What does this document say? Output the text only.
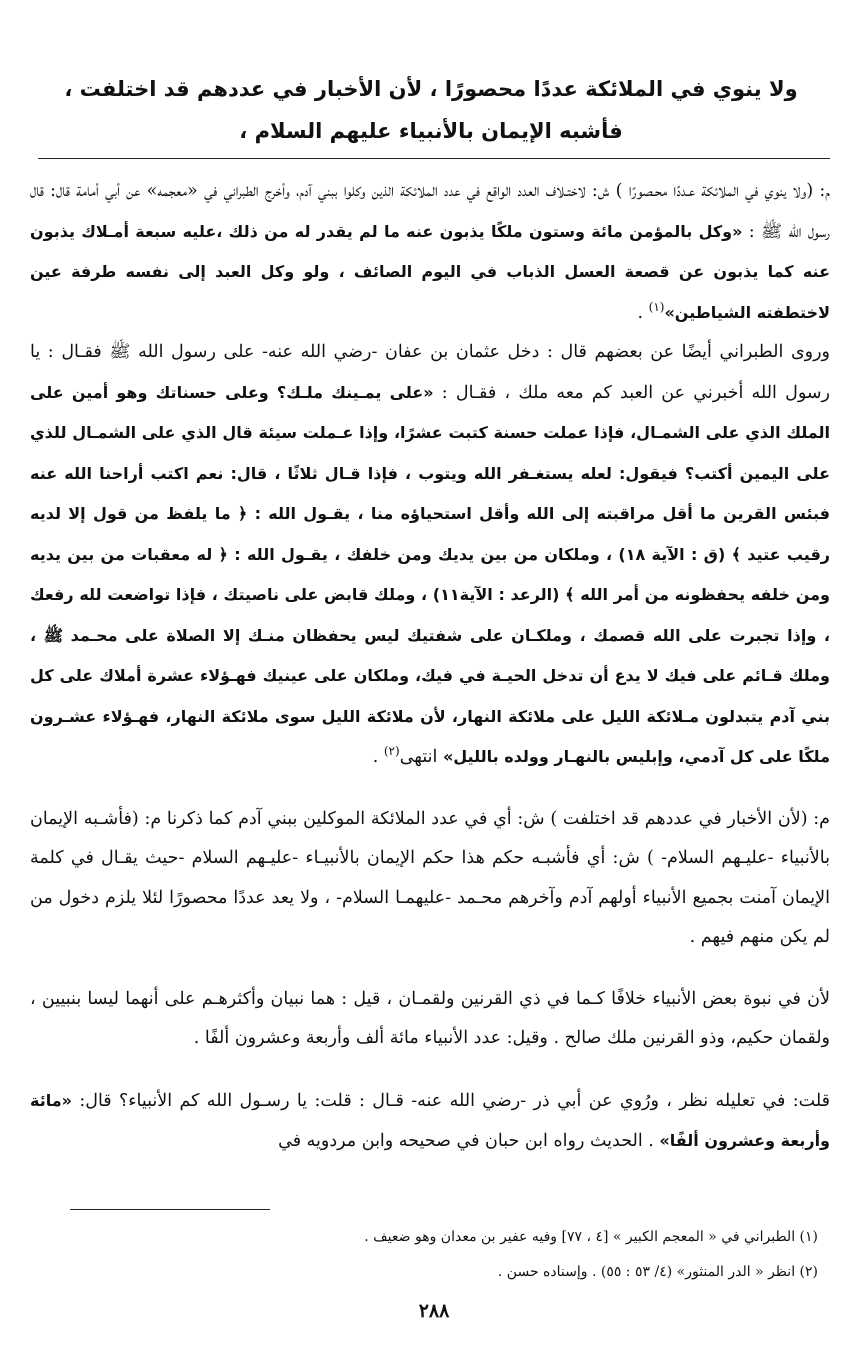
ولا ينوي في الملائكة عددًا محصورًا ، لأن الأخبار في عددهم قد اختلفت ، فأشبه الإيمان بالأنبياء عليهم السلام ،

م: (ولا ينوي في الملائكة عـددًا محـصورًا ) ش: لاختـلاف العدد الواقع في عدد الملائكة الذين وكلوا ببني آدم، وأخرج الطبراني في «معجمه» عن أبي أمامة قال: قال رسول الله ﷺ : «وكل بالمؤمن مائة وستون ملكًا يذبون عنه ما لم يقدر له من ذلك ،عليه سبعة أمـلاك يذبون عنه كما يذبون عن قصعة العسل الذباب في اليوم الصائف ، ولو وكل العبد إلى نفسه طرفة عين لاختطفته الشياطين»$^{(١)}$ .

وروى الطبراني أيضًا عن بعضهم قال : دخل عثمان بن عفان -رضي الله عنه- على رسول الله ﷺ فقـال : يا رسول الله أخبرني عن العبد كم معه ملك ، فقـال : «على يمـينك ملـك؟ وعلى حسناتك وهو أمين على الملك الذي على الشمـال، فإذا عملت حسنة كتبت عشرًا، وإذا عـملت سيئة قال الذي على الشمـال للذي على اليمين أكتب؟ فيقول: لعله يستغـفر الله ويتوب ، فإذا قـال ثلاثًا ، قال: نعم اكتب أراحنا الله عنه فبئس القرين ما أقل مراقبته إلى الله وأقل استحياؤه منا ، يقـول الله : ﴿ ما يلفظ من قول إلا لديه رقيب عتيد ﴾ (ق : الآية ١٨) ، وملكان من بين يديك ومن خلفك ، يقـول الله : ﴿ له معقبات من بين يديه ومن خلفه يحفظونه من أمر الله ﴾ (الرعد : الآية١١) ، وملك قابض على ناصيتك ، فإذا تواضعت لله رفعك ، وإذا تجبرت على الله قصمك ، وملكـان على شفتيك ليس يحفظان منـك إلا الصلاة على محـمد ﷺ ، وملك قـائم على فيك لا يدع أن تدخل الحيـة في فيك، وملكان على عينيك فهـؤلاء عشرة أملاك على كل بني آدم يتبدلون مـلائكة الليل على ملائكة النهار، لأن ملائكة الليل سوى ملائكة النهار، فهـؤلاء عشـرون ملكًا على كل آدمي، وإبليس بالنهـار وولده بالليل» انتهى$^{(٢)}$ .

م: (لأن الأخبار في عددهم قد اختلفت ) ش: أي في عدد الملائكة الموكلين ببني آدم كما ذكرنا م: (فأشـبه الإيمان بالأنبياء -عليـهم السلام- ) ش: أي فأشبـه حكم هذا حكم الإيمان بالأنبيـاء -عليـهم السلام -حيث يقـال في كلمة الإيمان آمنت بجميع الأنبياء أولهم آدم وآخرهم محـمد -عليهمـا السلام- ، ولا يعد عددًا محصورًا لئلا يلزم دخول من لم يكن منهم فيهم .

لأن في نبوة بعض الأنبياء خلافًا كـما في ذي القرنين ولقمـان ، قيل : هما نبيان وأكثرهـم على أنهما ليسا بنبيين ، ولقمان حكيم، وذو القرنين ملك صالح . وقيل: عدد الأنبياء مائة ألف وأربعة وعشرون ألفًا .

قلت: في تعليله نظر ، ورُوي عن أبي ذر -رضي الله عنه- قـال : قلت: يا رسـول الله كم الأنبياء؟ قال: «مائة وأربعة وعشرون ألفًا» . الحديث رواه ابن حبان في صحيحه وابن مردويه في

(١) الطبراني في « المعجم الكبير » [٤ ، ٧٧] وفيه عفير بن معدان وهو ضعيف .

(٢) انظر « الدر المنثور» (٤/ ٥٣ : ٥٥) . وإسناده حسن .

٢٨٨
